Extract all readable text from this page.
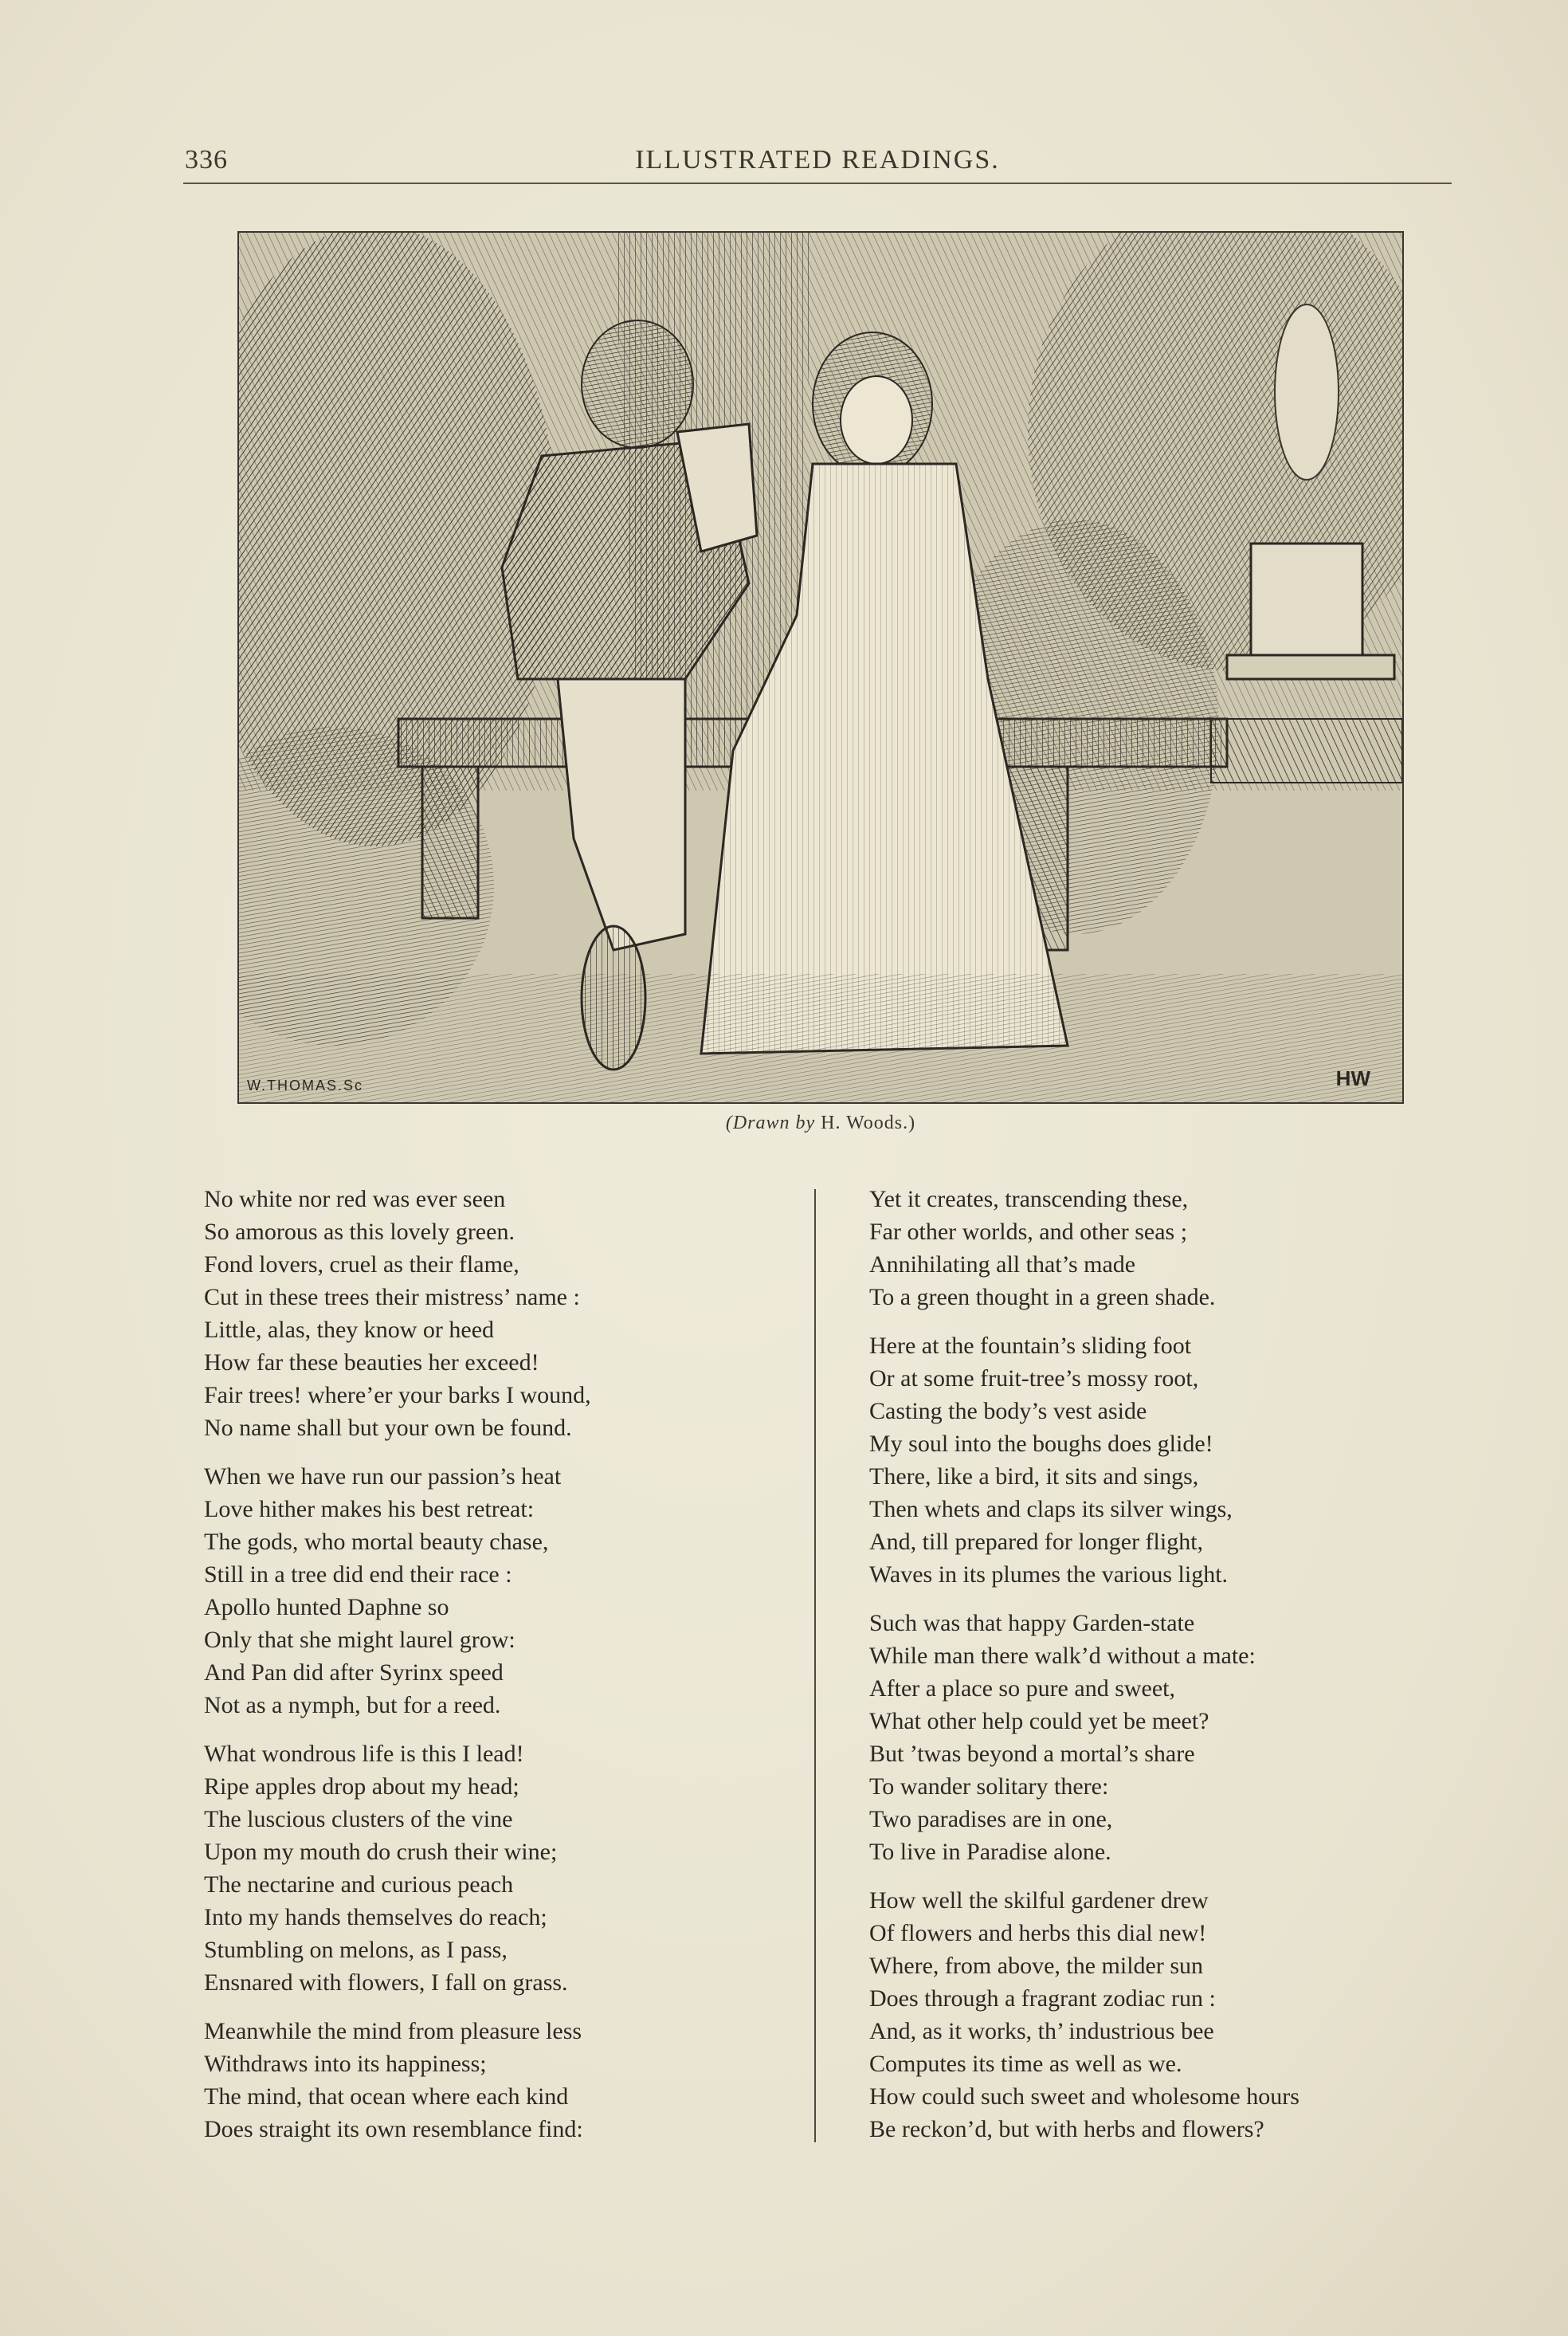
336	ILLUSTRATED READINGS.
W.THOMAS.Sc	HW
(Drawn by H. Woods.)
No white nor red was ever seen
So amorous as this lovely green.
Fond lovers, cruel as their flame,
Cut in these trees their mistress’ name :
Little, alas, they know or heed
How far these beauties her exceed!
Fair trees! where’er your barks I wound,
No name shall but your own be found.
When we have run our passion’s heat
Love hither makes his best retreat:
The gods, who mortal beauty chase,
Still in a tree did end their race :
Apollo hunted Daphne so
Only that she might laurel grow:
And Pan did after Syrinx speed
Not as a nymph, but for a reed.
What wondrous life is this I lead!
Ripe apples drop about my head;
The luscious clusters of the vine
Upon my mouth do crush their wine;
The nectarine and curious peach
Into my hands themselves do reach;
Stumbling on melons, as I pass,
Ensnared with flowers, I fall on grass.
Meanwhile the mind from pleasure less
Withdraws into its happiness;
The mind, that ocean where each kind
Does straight its own resemblance find:
Yet it creates, transcending these,
Far other worlds, and other seas ;
Annihilating all that’s made
To a green thought in a green shade.
Here at the fountain’s sliding foot
Or at some fruit-tree’s mossy root,
Casting the body’s vest aside
My soul into the boughs does glide!
There, like a bird, it sits and sings,
Then whets and claps its silver wings,
And, till prepared for longer flight,
Waves in its plumes the various light.
Such was that happy Garden-state
While man there walk’d without a mate:
After a place so pure and sweet,
What other help could yet be meet?
But ’twas beyond a mortal’s share
To wander solitary there:
Two paradises are in one,
To live in Paradise alone.
How well the skilful gardener drew
Of flowers and herbs this dial new!
Where, from above, the milder sun
Does through a fragrant zodiac run :
And, as it works, th’ industrious bee
Computes its time as well as we.
How could such sweet and wholesome hours
Be reckon’d, but with herbs and flowers?
